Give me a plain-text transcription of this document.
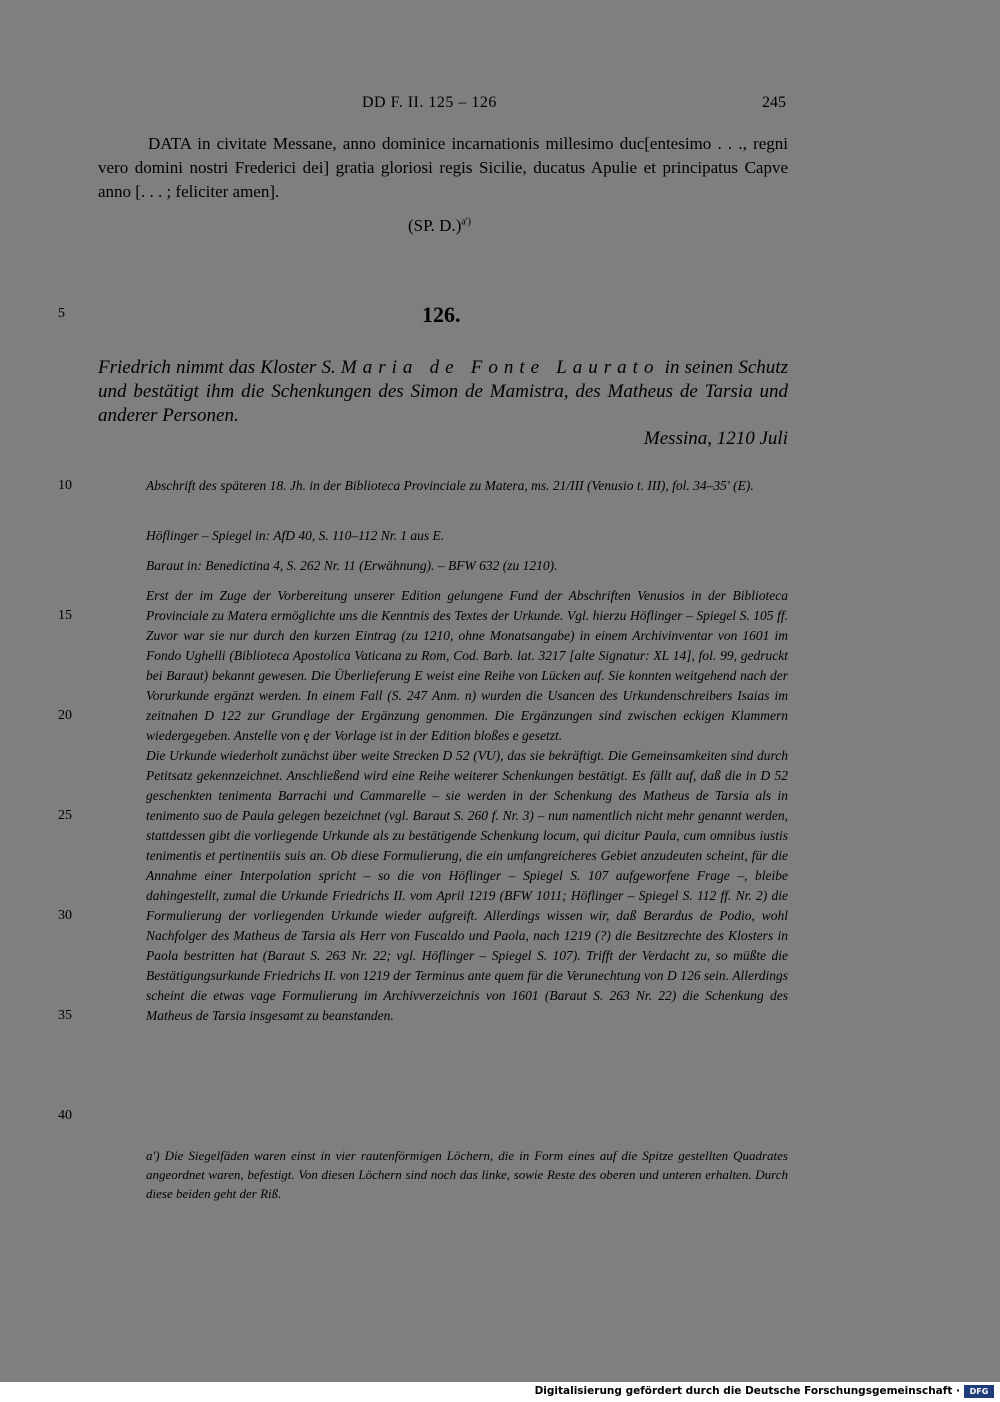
DD F. II. 125 – 126	245
DATA in civitate Messane, anno dominice incarnationis millesimo duc[entesimo . . ., regni vero domini nostri Frederici dei] gratia gloriosi regis Sicilie, ducatus Apulie et principatus Capve anno [. . . ; feliciter amen].
(SP. D.)$^{a')}$
5
10
15
20
25
30
35
40
126.
Friedrich nimmt das Kloster S. Maria de Fonte Laurato in seinen Schutz und bestätigt ihm die Schenkungen des Simon de Mamistra, des Matheus de Tarsia und anderer Personen.
Messina, 1210 Juli

Abschrift des späteren 18. Jh. in der Biblioteca Provinciale zu Matera, ms. 21/III (Venusio t. III), fol. 34–35' (E).

Höflinger – Spiegel in: AfD 40, S. 110–112 Nr. 1 aus E.

Baraut in: Benedictina 4, S. 262 Nr. 11 (Erwähnung). – BFW 632 (zu 1210).

Erst der im Zuge der Vorbereitung unserer Edition gelungene Fund der Abschriften Venusios in der Biblioteca Provinciale zu Matera ermöglichte uns die Kenntnis des Textes der Urkunde. Vgl. hierzu Höflinger – Spiegel S. 105 ff. Zuvor war sie nur durch den kurzen Eintrag (zu 1210, ohne Monatsangabe) in einem Archivinventar von 1601 im Fondo Ughelli (Biblioteca Apostolica Vaticana zu Rom, Cod. Barb. lat. 3217 [alte Signatur: XL 14], fol. 99, gedruckt bei Baraut) bekannt gewesen. Die Überlieferung E weist eine Reihe von Lücken auf. Sie konnten weitgehend nach der Vorurkunde ergänzt werden. In einem Fall (S. 247 Anm. n) wurden die Usancen des Urkundenschreibers Isaias im zeitnahen D 122 zur Grundlage der Ergänzung genommen. Die Ergänzungen sind zwischen eckigen Klammern wiedergegeben. Anstelle von ę der Vorlage ist in der Edition bloßes e gesetzt.

Die Urkunde wiederholt zunächst über weite Strecken D 52 (VU), das sie bekräftigt. Die Gemeinsamkeiten sind durch Petitsatz gekennzeichnet. Anschließend wird eine Reihe weiterer Schenkungen bestätigt. Es fällt auf, daß die in D 52 geschenkten tenimenta Barrachi und Cammarelle – sie werden in der Schenkung des Matheus de Tarsia als in tenimento suo de Paula gelegen bezeichnet (vgl. Baraut S. 260 f. Nr. 3) – nun namentlich nicht mehr genannt werden, stattdessen gibt die vorliegende Urkunde als zu bestätigende Schenkung locum, qui dicitur Paula, cum omnibus iustis tenimentis et pertinentiis suis an. Ob diese Formulierung, die ein umfangreicheres Gebiet anzudeuten scheint, für die Annahme einer Interpolation spricht – so die von Höflinger – Spiegel S. 107 aufgeworfene Frage –, bleibe dahingestellt, zumal die Urkunde Friedrichs II. vom April 1219 (BFW 1011; Höflinger – Spiegel S. 112 ff. Nr. 2) die Formulierung der vorliegenden Urkunde wieder aufgreift. Allerdings wissen wir, daß Berardus de Podio, wohl Nachfolger des Matheus de Tarsia als Herr von Fuscaldo und Paola, nach 1219 (?) die Besitzrechte des Klosters in Paola bestritten hat (Baraut S. 263 Nr. 22; vgl. Höflinger – Spiegel S. 107). Trifft der Verdacht zu, so müßte die Bestätigungsurkunde Friedrichs II. von 1219 der Terminus ante quem für die Verunechtung von D 126 sein. Allerdings scheint die etwas vage Formulierung im Archivverzeichnis von 1601 (Baraut S. 263 Nr. 22) die Schenkung des Matheus de Tarsia insgesamt zu beanstanden.

a') Die Siegelfäden waren einst in vier rautenförmigen Löchern, die in Form eines auf die Spitze gestellten Quadrates angeordnet waren, befestigt. Von diesen Löchern sind noch das linke, sowie Reste des oberen und unteren erhalten. Durch diese beiden geht der Riß.

Digitalisierung gefördert durch die Deutsche Forschungsgemeinschaft ·	DFG
